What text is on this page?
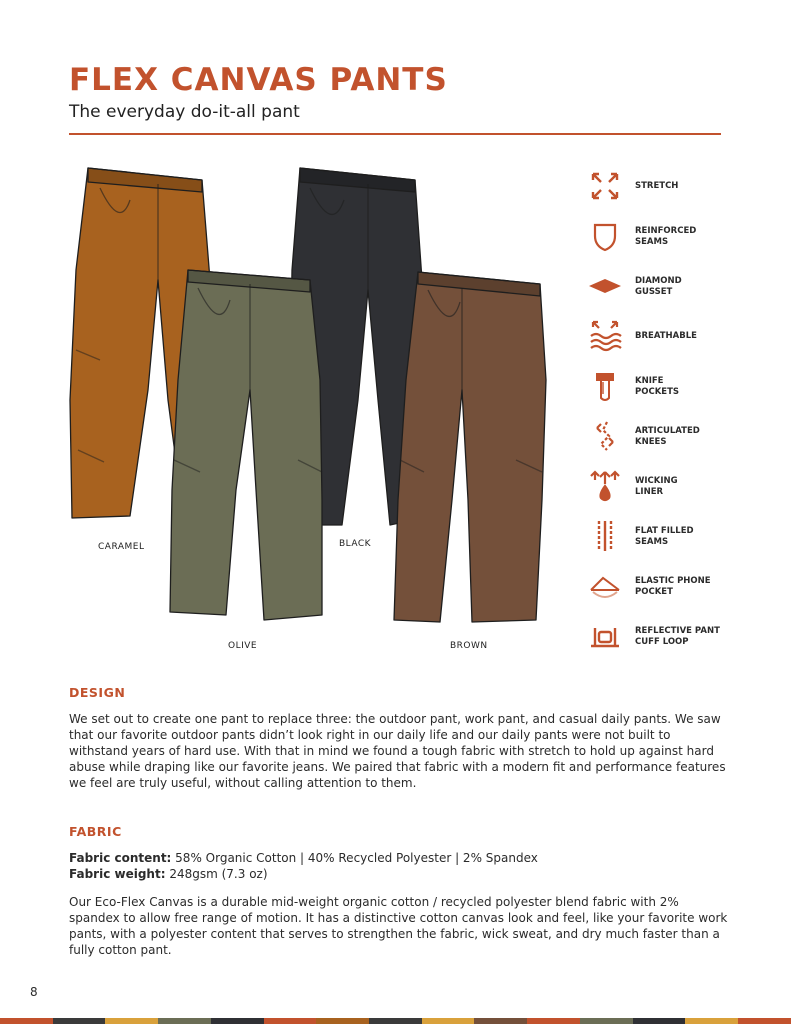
FLEX CANVAS PANTS
The everyday do-it-all pant
CARAMEL
OLIVE
BLACK
BROWN
STRETCH
REINFORCED
SEAMS
DIAMOND
GUSSET
BREATHABLE
KNIFE
POCKETS
ARTICULATED
KNEES
WICKING
LINER
FLAT FILLED
SEAMS
ELASTIC PHONE
POCKET
REFLECTIVE PANT
CUFF LOOP
DESIGN

We set out to create one pant to replace three: the outdoor pant, work pant, and casual daily pants. We saw that our favorite outdoor pants didn’t look right in our daily life and our daily pants were not built to withstand years of hard use. With that in mind we found a tough fabric with stretch to hold up against hard abuse while draping like our favorite jeans. We paired that fabric with a modern fit and performance features we feel are truly useful, without calling attention to them.

FABRIC

Fabric content: 58% Organic Cotton | 40% Recycled Polyester | 2% Spandex
Fabric weight: 248gsm (7.3 oz)

Our Eco-Flex Canvas is a durable mid-weight organic cotton / recycled polyester blend fabric with 2% spandex to allow free range of motion. It has a distinctive cotton canvas look and feel, like your favorite work pants, with a polyester content that serves to strengthen the fabric, wick sweat, and dry much faster than a fully cotton pant.

8
